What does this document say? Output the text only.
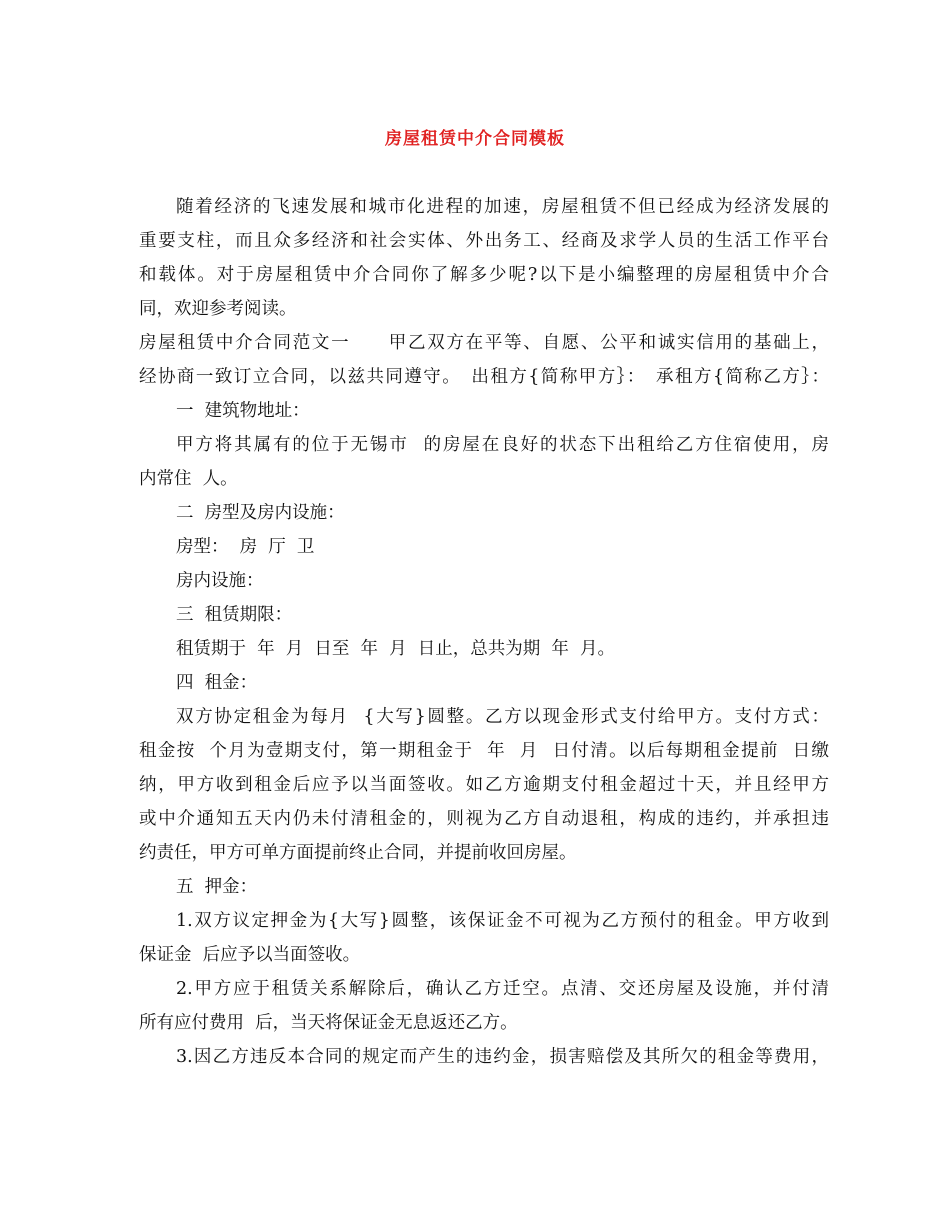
房屋租赁中介合同模板
随着经济的飞速发展和城市化进程的加速，房屋租赁不但已经成为经济发展的
重要支柱，而且众多经济和社会实体、外出务工、经商及求学人员的生活工作平台
和载体。对于房屋租赁中介合同你了解多少呢?以下是小编整理的房屋租赁中介合
同，欢迎参考阅读。
房屋租赁中介合同范文一　　甲乙双方在平等、自愿、公平和诚实信用的基础上，
经协商一致订立合同，以兹共同遵守。　出租方{简称甲方｝：　承租方{简称乙方｝：
一  建筑物地址：
甲方将其属有的位于无锡市  的房屋在良好的状态下出租给乙方住宿使用，房
内常住  人。
二  房型及房内设施：
房型：  房  厅  卫
房内设施：
三  租赁期限：
租赁期于  年  月  日至  年  月  日止，总共为期  年  月。
四  租金：
双方协定租金为每月  {大写}圆整。乙方以现金形式支付给甲方。支付方式：
租金按  个月为壹期支付，第一期租金于  年  月  日付清。以后每期租金提前  日缴
纳，甲方收到租金后应予以当面签收。如乙方逾期支付租金超过十天，并且经甲方
或中介通知五天内仍未付清租金的，则视为乙方自动退租，构成的违约，并承担违
约责任，甲方可单方面提前终止合同，并提前收回房屋。
五  押金：
1.双方议定押金为{大写}圆整，该保证金不可视为乙方预付的租金。甲方收到
保证金  后应予以当面签收。
2.甲方应于租赁关系解除后，确认乙方迁空。点清、交还房屋及设施，并付清
所有应付费用  后，当天将保证金无息返还乙方。
3.因乙方违反本合同的规定而产生的违约金，损害赔偿及其所欠的租金等费用，
